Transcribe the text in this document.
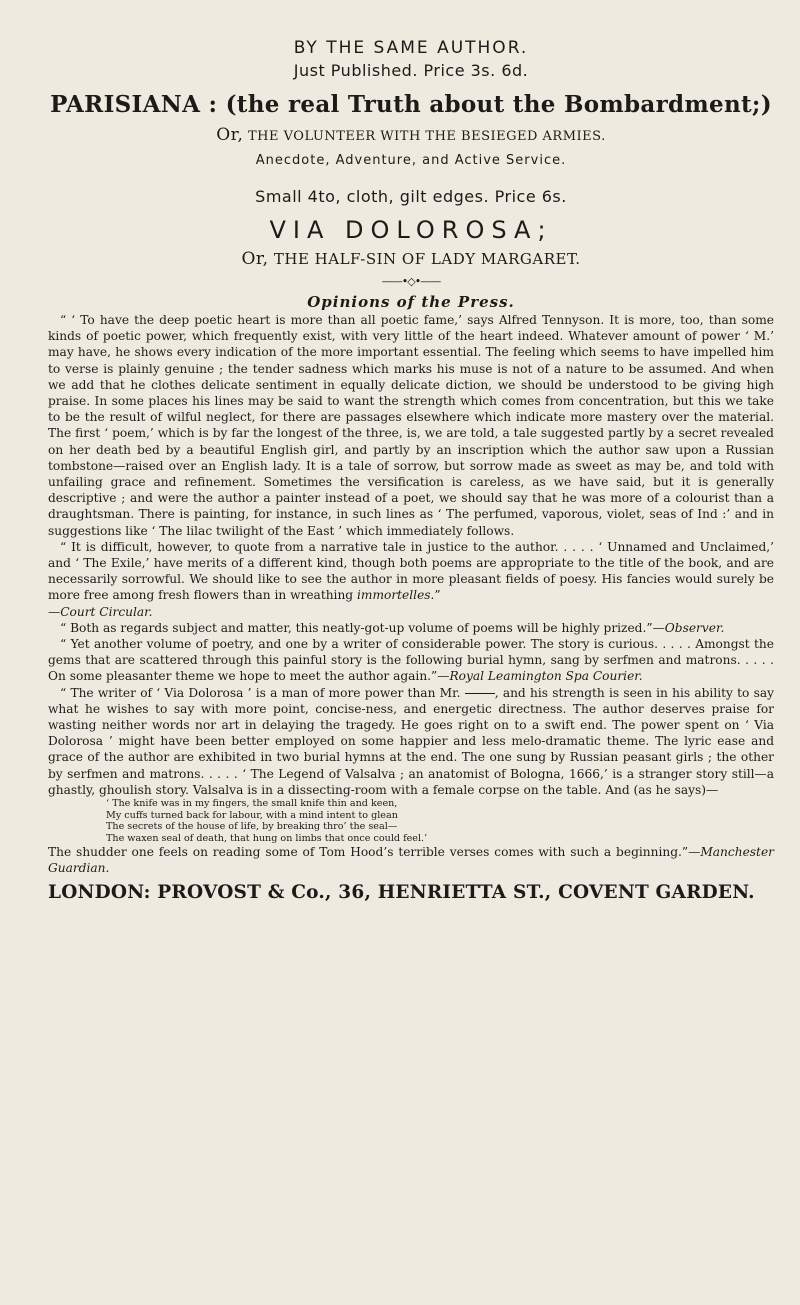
BY THE SAME AUTHOR.
Just Published. Price 3s. 6d.
PARISIANA : (the real Truth about the Bombardment;)
Or, THE VOLUNTEER WITH THE BESIEGED ARMIES.
Anecdote, Adventure, and Active Service.
Small 4to, cloth, gilt edges. Price 6s.
VIA DOLOROSA;
Or, THE HALF-SIN OF LADY MARGARET.
——•◇•——
Opinions of the Press.

“ ‘ To have the deep poetic heart is more than all poetic fame,’ says Alfred Tennyson. It is more, too, than some kinds of poetic power, which frequently exist, with very little of the heart indeed. Whatever amount of power ‘ M.’ may have, he shows every indication of the more important essential. The feeling which seems to have impelled him to verse is plainly genuine ; the tender sadness which marks his muse is not of a nature to be assumed. And when we add that he clothes delicate sentiment in equally delicate diction, we should be understood to be giving high praise. In some places his lines may be said to want the strength which comes from concentration, but this we take to be the result of wilful neglect, for there are passages elsewhere which indicate more mastery over the material. The first ‘ poem,’ which is by far the longest of the three, is, we are told, a tale suggested partly by a secret revealed on her death bed by a beautiful English girl, and partly by an inscription which the author saw upon a Russian tombstone—raised over an English lady. It is a tale of sorrow, but sorrow made as sweet as may be, and told with unfailing grace and refinement. Sometimes the versification is careless, as we have said, but it is generally descriptive ; and were the author a painter instead of a poet, we should say that he was more of a colourist than a draughtsman. There is painting, for instance, in such lines as ‘ The perfumed, vaporous, violet, seas of Ind :’ and in suggestions like ‘ The lilac twilight of the East ’ which immediately follows.

“ It is difficult, however, to quote from a narrative tale in justice to the author. . . . . ‘ Unnamed and Unclaimed,’ and ‘ The Exile,’ have merits of a different kind, though both poems are appropriate to the title of the book, and are necessarily sorrowful. We should like to see the author in more pleasant fields of poesy. His fancies would surely be more free among fresh flowers than in wreathing immortelles.”
—Court Circular.

“ Both as regards subject and matter, this neatly-got-up volume of poems will be highly prized.”—Observer.

“ Yet another volume of poetry, and one by a writer of considerable power. The story is curious. . . . . Amongst the gems that are scattered through this painful story is the following burial hymn, sang by serfmen and matrons. . . . . On some pleasanter theme we hope to meet the author again.”—Royal Leamington Spa Courier.

“ The writer of ‘ Via Dolorosa ’ is a man of more power than Mr. , and his strength is seen in his ability to say what he wishes to say with more point, concise-ness, and energetic directness. The author deserves praise for wasting neither words nor art in delaying the tragedy. He goes right on to a swift end. The power spent on ‘ Via Dolorosa ’ might have been better employed on some happier and less melo-dramatic theme. The lyric ease and grace of the author are exhibited in two burial hymns at the end. The one sung by Russian peasant girls ; the other by serfmen and matrons. . . . . ‘ The Legend of Valsalva ; an anatomist of Bologna, 1666,’ is a stranger story still—a ghastly, ghoulish story. Valsalva is in a dissecting-room with a female corpse on the table. And (as he says)—

‘ The knife was in my fingers, the small knife thin and keen,
My cuffs turned back for labour, with a mind intent to glean
The secrets of the house of life, by breaking thro’ the seal—
The waxen seal of death, that hung on limbs that once could feel.’

The shudder one feels on reading some of Tom Hood’s terrible verses comes with such a beginning.”—Manchester Guardian.

LONDON: PROVOST & Co., 36, HENRIETTA ST., COVENT GARDEN.
